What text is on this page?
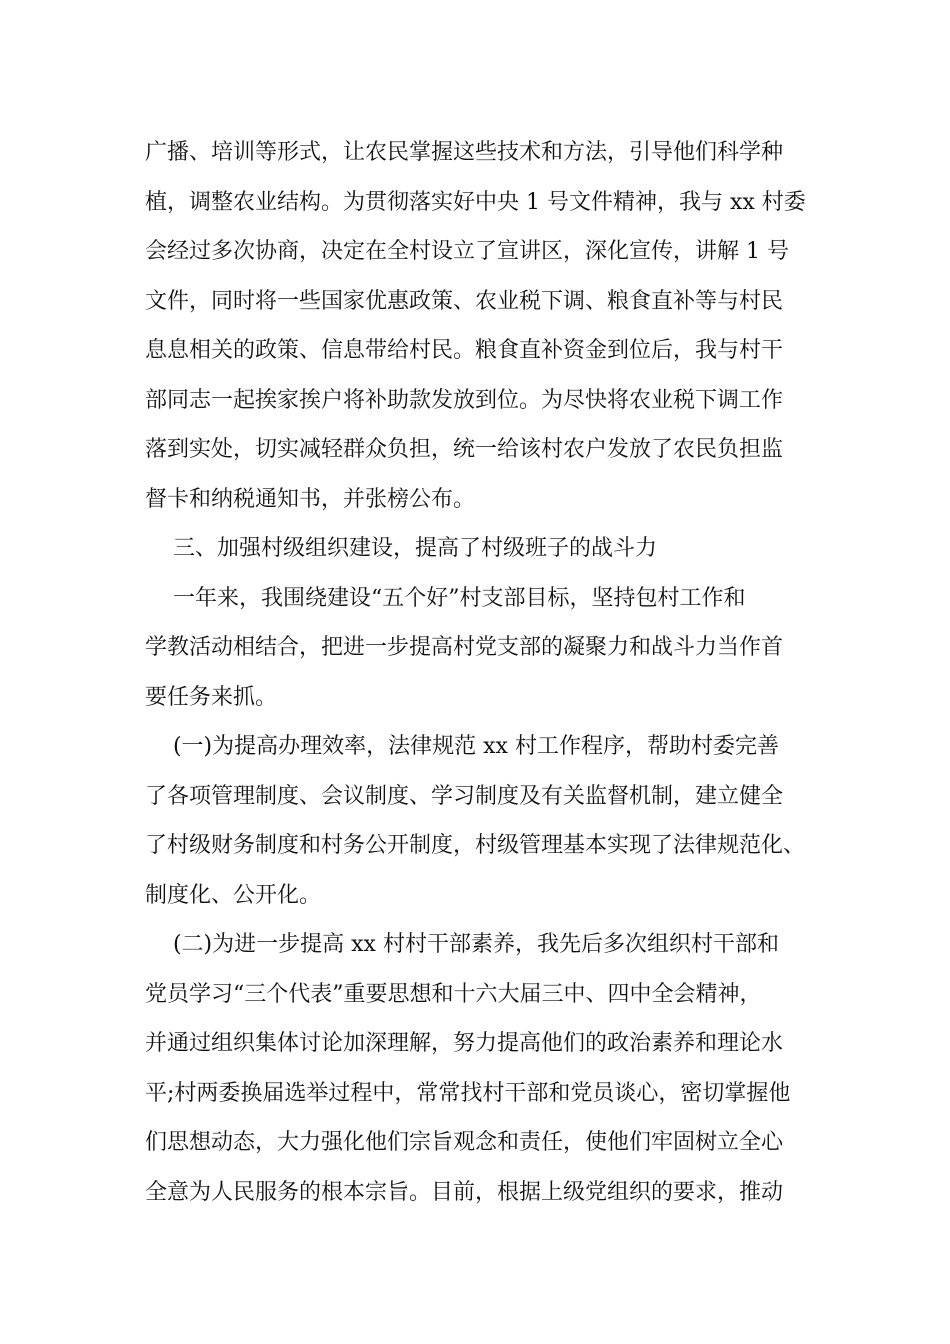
广播、培训等形式，让农民掌握这些技术和方法，引导他们科学种
植，调整农业结构。为贯彻落实好中央 1 号文件精神，我与 xx 村委
会经过多次协商，决定在全村设立了宣讲区，深化宣传，讲解 1 号
文件，同时将一些国家优惠政策、农业税下调、粮食直补等与村民
息息相关的政策、信息带给村民。粮食直补资金到位后，我与村干
部同志一起挨家挨户将补助款发放到位。为尽快将农业税下调工作
落到实处，切实减轻群众负担，统一给该村农户发放了农民负担监
督卡和纳税通知书，并张榜公布。
三、加强村级组织建设，提高了村级班子的战斗力
一年来，我围绕建设“五个好”村支部目标，坚持包村工作和
学教活动相结合，把进一步提高村党支部的凝聚力和战斗力当作首
要任务来抓。
(一)为提高办理效率，法律规范 xx 村工作程序，帮助村委完善
了各项管理制度、会议制度、学习制度及有关监督机制，建立健全
了村级财务制度和村务公开制度，村级管理基本实现了法律规范化、
制度化、公开化。
(二)为进一步提高 xx 村村干部素养，我先后多次组织村干部和
党员学习“三个代表”重要思想和十六大届三中、四中全会精神，
并通过组织集体讨论加深理解，努力提高他们的政治素养和理论水
平;村两委换届选举过程中，常常找村干部和党员谈心，密切掌握他
们思想动态，大力强化他们宗旨观念和责任，使他们牢固树立全心
全意为人民服务的根本宗旨。目前，根据上级党组织的要求，推动
